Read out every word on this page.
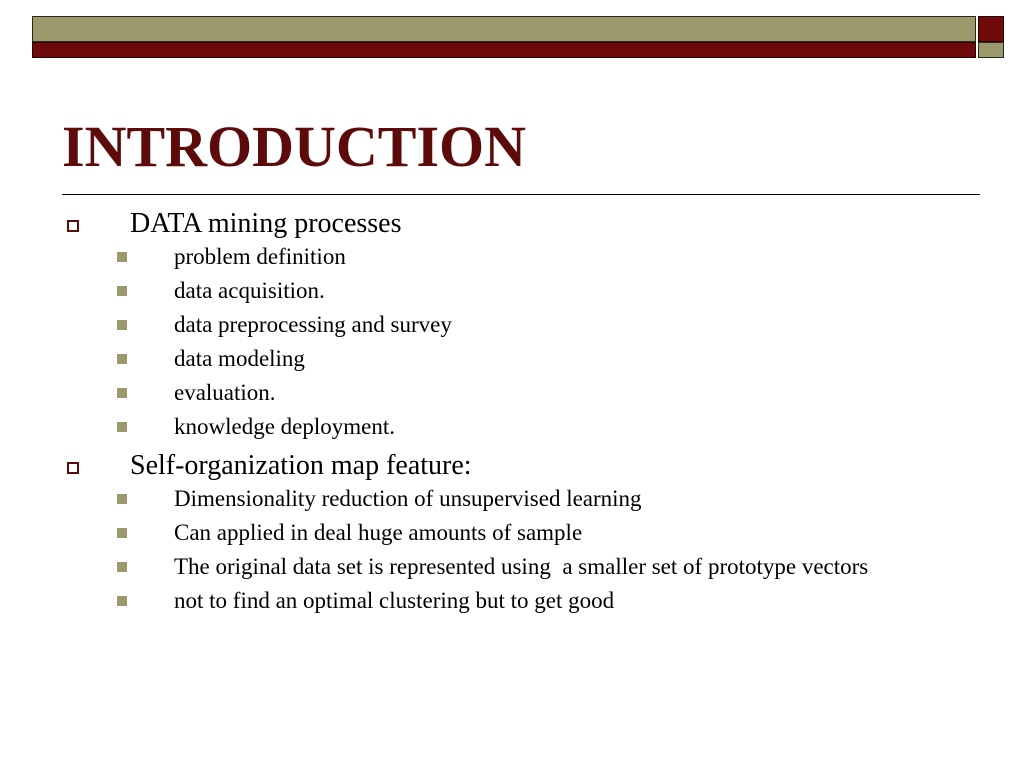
INTRODUCTION
DATA mining processes
problem definition
data acquisition.
data preprocessing and survey
data modeling
evaluation.
knowledge deployment.
Self-organization map feature:
Dimensionality reduction of unsupervised learning
Can applied in deal huge amounts of sample
The original data set is represented using  a smaller set of prototype vectors
not to find an optimal clustering but to get good
